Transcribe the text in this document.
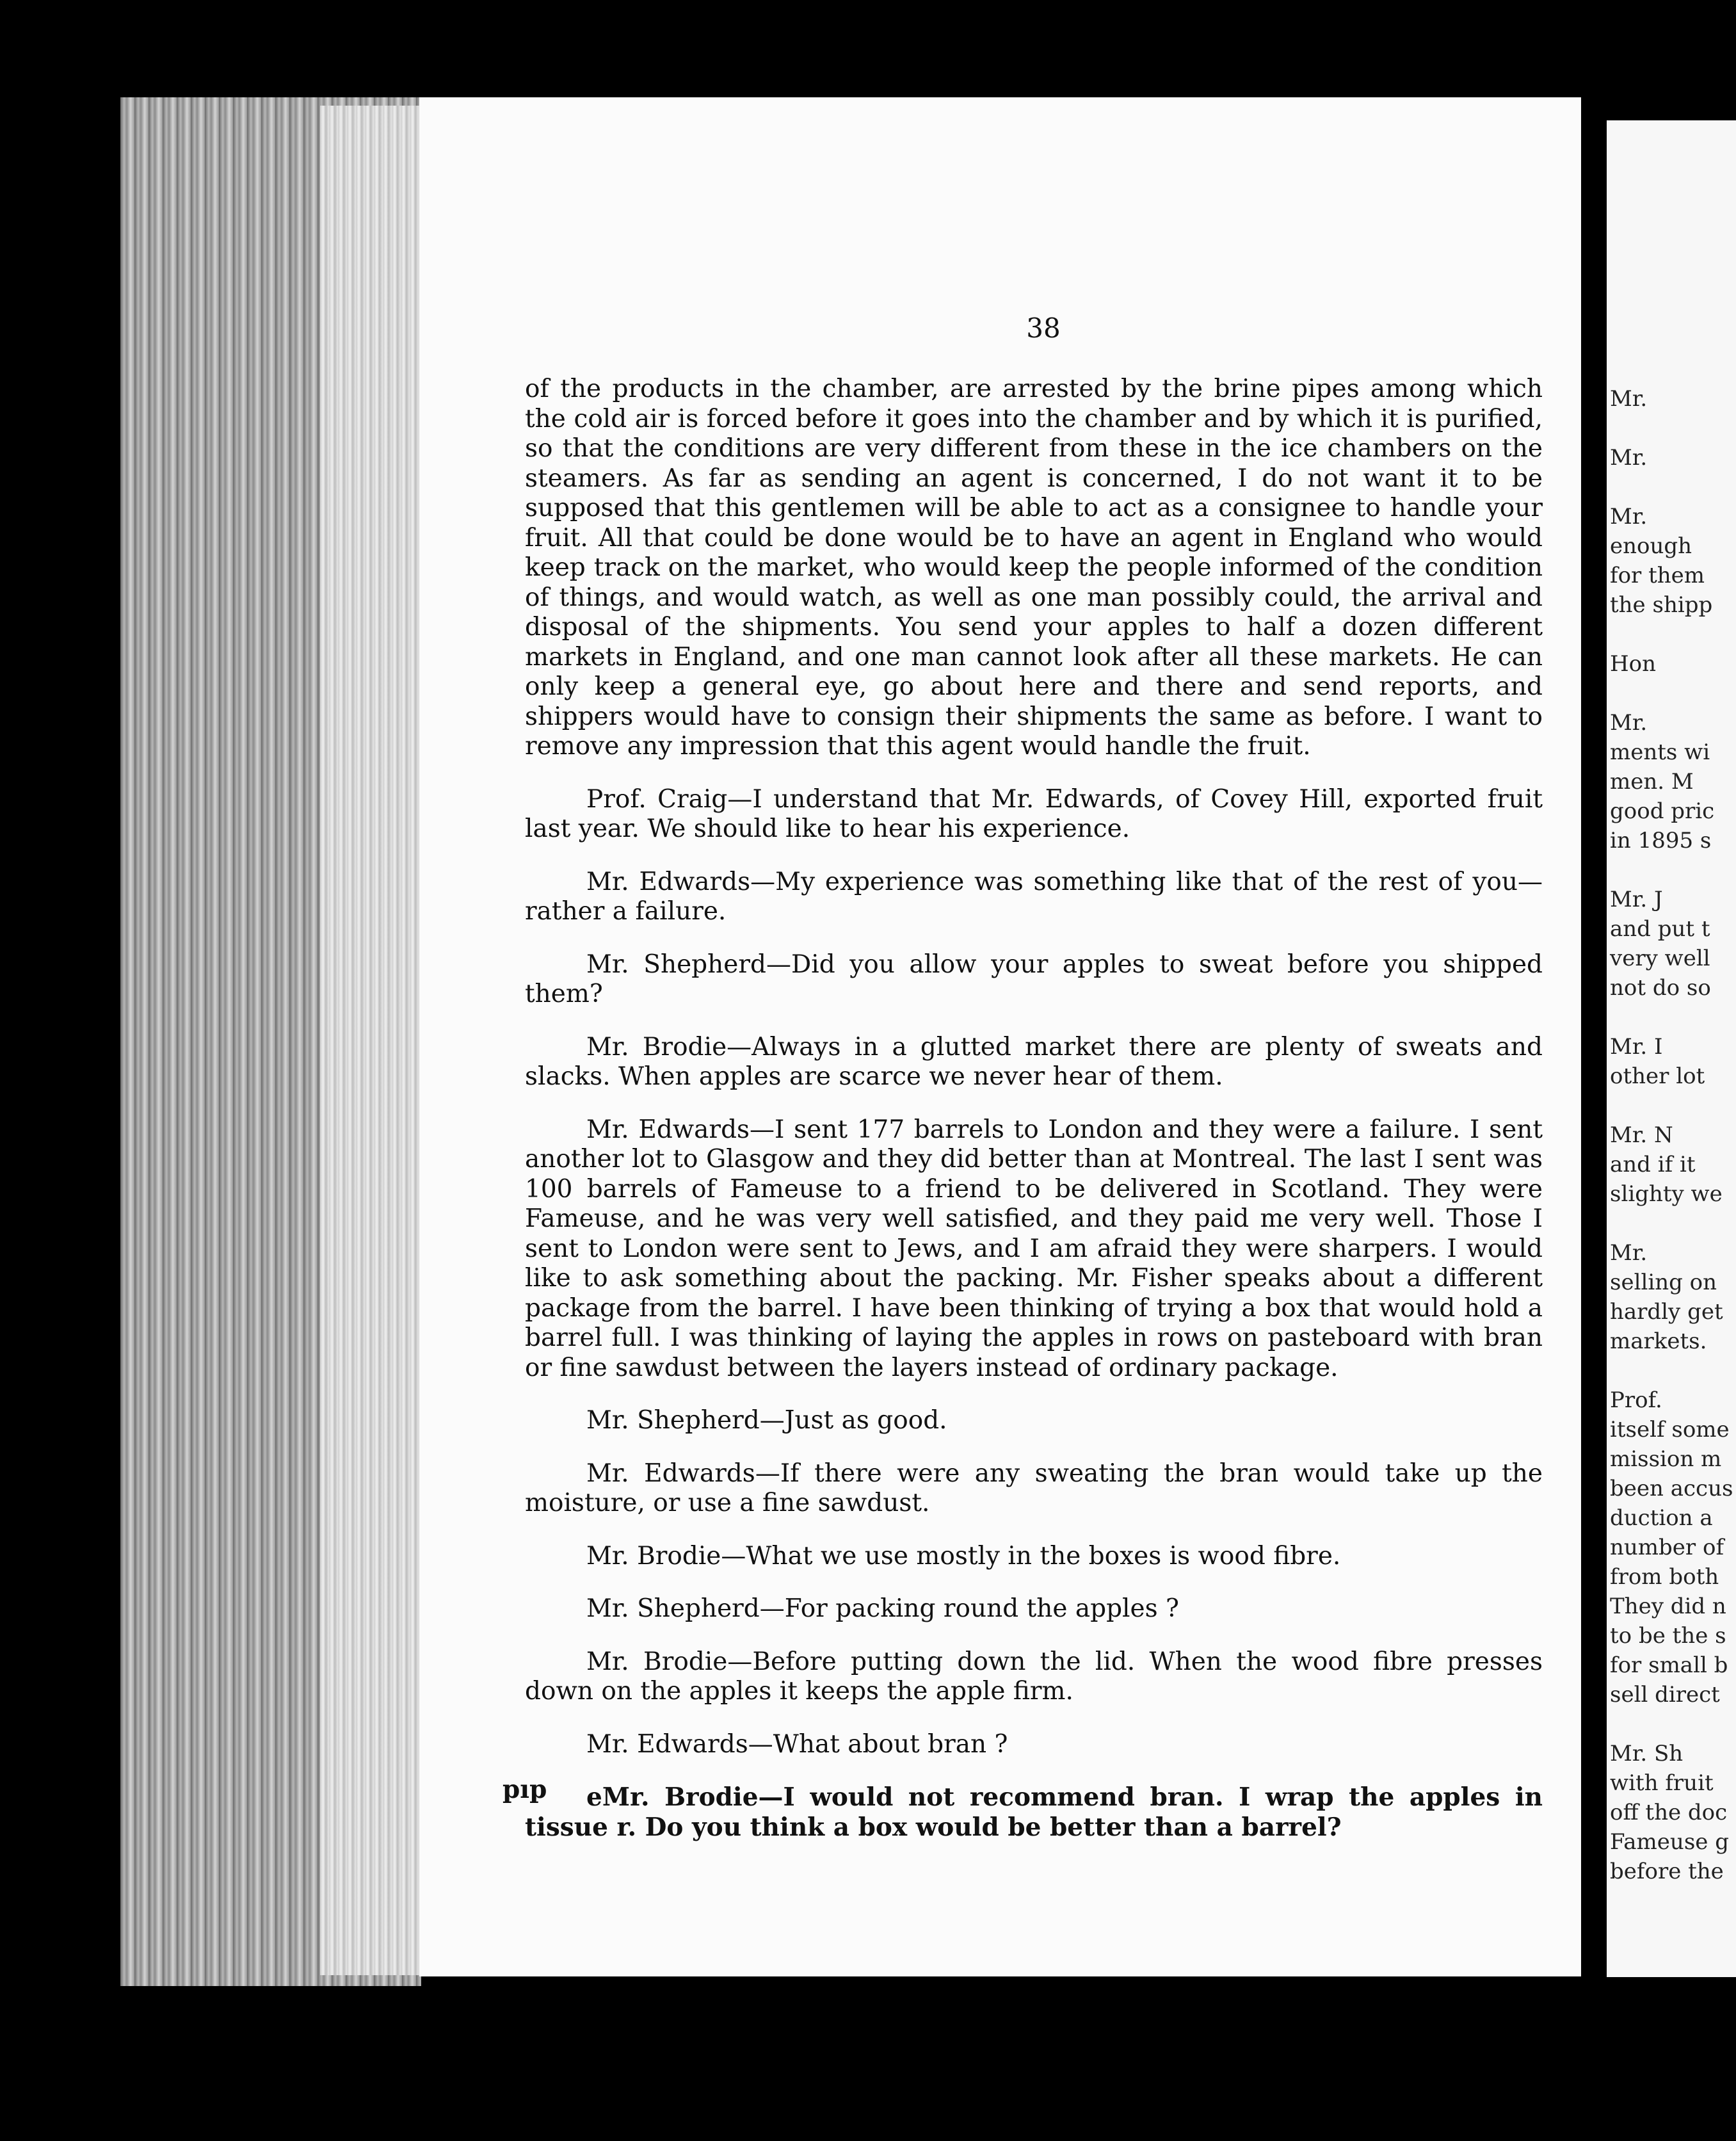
38

of the products in the chamber, are arrested by the brine pipes among which the cold air is forced before it goes into the chamber and by which it is purified, so that the conditions are very different from these in the ice chambers on the steamers. As far as sending an agent is concerned, I do not want it to be supposed that this gentlemen will be able to act as a consignee to handle your fruit. All that could be done would be to have an agent in England who would keep track on the market, who would keep the people informed of the condition of things, and would watch, as well as one man possibly could, the arrival and disposal of the shipments. You send your apples to half a dozen different markets in England, and one man cannot look after all these markets. He can only keep a general eye, go about here and there and send reports, and shippers would have to consign their shipments the same as before. I want to remove any impression that this agent would handle the fruit.

Prof. Craig—I understand that Mr. Edwards, of Covey Hill, exported fruit last year. We should like to hear his experience.

Mr. Edwards—My experience was something like that of the rest of you—rather a failure.

Mr. Shepherd—Did you allow your apples to sweat before you shipped them?

Mr. Brodie—Always in a glutted market there are plenty of sweats and slacks. When apples are scarce we never hear of them.

Mr. Edwards—I sent 177 barrels to London and they were a failure. I sent another lot to Glasgow and they did better than at Montreal. The last I sent was 100 barrels of Fameuse to a friend to be delivered in Scotland. They were Fameuse, and he was very well satisfied, and they paid me very well. Those I sent to London were sent to Jews, and I am afraid they were sharpers. I would like to ask something about the packing. Mr. Fisher speaks about a different package from the barrel. I have been thinking of trying a box that would hold a barrel full. I was thinking of laying the apples in rows on pasteboard with bran or fine sawdust between the layers instead of ordinary package.

Mr. Shepherd—Just as good.

Mr. Edwards—If there were any sweating the bran would take up the moisture, or use a fine sawdust.

Mr. Brodie—What we use mostly in the boxes is wood fibre.

Mr. Shepherd—For packing round the apples ?

Mr. Brodie—Before putting down the lid. When the wood fibre presses down on the apples it keeps the apple firm.

Mr. Edwards—What about bran ?

eMr. Brodie—I would not recommend bran. I wrap the apples in tissue r. Do you think a box would be better than a barrel?

pıp
Mr.
Mr.
Mr.
enough
for them
the shipp
Hon
Mr.
ments wi
men. M
good pric
in 1895 s
Mr. J
and put t
very well
not do so
Mr. I
other lot
Mr. N
and if it
slighty we
Mr.
selling on
hardly get
markets.
Prof.
itself some
mission m
been accus
duction a
number of
from both
They did n
to be the s
for small b
sell direct
Mr. Sh
with fruit
off the doc
Fameuse g
before the
